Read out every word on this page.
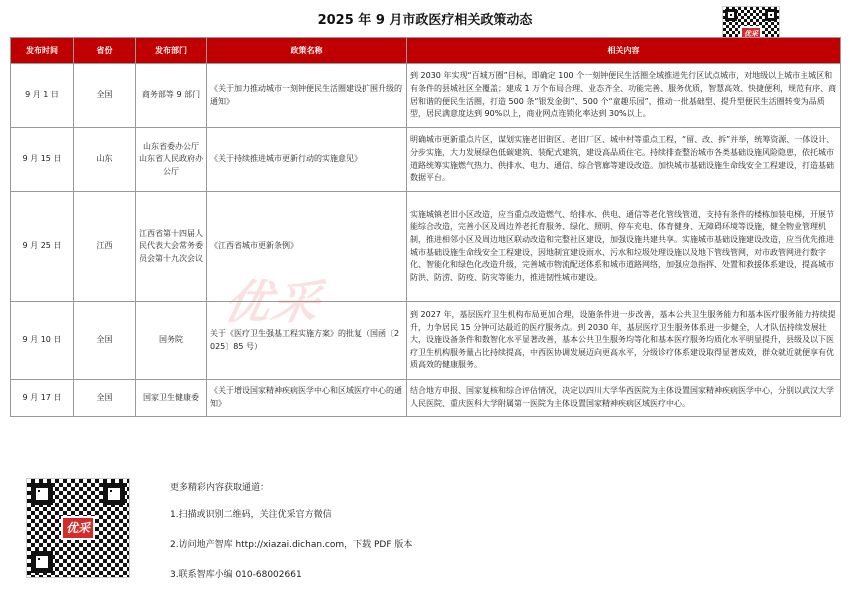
2025 年 9 月市政医疗相关政策动态
优采
发布时间	省份	发布部门	政策名称	相关内容
9 月 1 日	全国	商务部等 9 部门	《关于加力推动城市一刻钟便民生活圈建设扩围升级的通知》	到 2030 年实现“百城万圈”目标，即确定 100 个一刻钟便民生活圈全域推进先行区试点城市，对地级以上城市主城区和有条件的县城社区全覆盖；建成 1 万个布局合理、业态齐全、功能完善、服务优质，智慧高效、快捷便利，规范有序、商居和谐的便民生活圈，打造 500 条“银发金街”、500 个“童趣乐园”，推动一批基础型、提升型便民生活圈转变为品质型，居民满意度达到 90%以上，商业网点连锁化率达到 30%以上。
9 月 15 日	山东	山东省委办公厅 山东省人民政府办公厅	《关于持续推进城市更新行动的实施意见》	明确城市更新重点片区，谋划实施老旧街区、老旧厂区、城中村等重点工程，“留、改、拆”并举，统筹资源、一体设计、分步实施，大力发展绿色低碳建筑、装配式建筑，建设高品质住宅。持续排查整治城市各类基础设施风险隐患，依托城市道路统筹实施燃气热力、供排水、电力、通信、综合管廊等建设改造。加快城市基础设施生命线安全工程建设，打造基础数据平台。
9 月 25 日	江西	江西省第十四届人民代表大会常务委员会第十九次会议	《江西省城市更新条例》	实施城镇老旧小区改造，应当重点改造燃气、给排水、供电、通信等老化管线管道，支持有条件的楼栋加装电梯，开展节能综合改造，完善小区及周边养老托育服务、绿化、照明、停车充电、体育健身、无障碍环境等设施，健全物业管理机制，推进相邻小区及周边地区联动改造和完整社区建设，加强设施共建共享。实施城市基础设施建设改造，应当优先推进城市基础设施生命线安全工程建设，因地制宜建设雨水、污水和垃圾处理设施以及地下管线管网，对市政管网进行数字化、智能化和绿色化改造升级，完善城市物流配送体系和城市道路网络，加强应急指挥、处置和救援体系建设，提高城市防洪、防涝、防疫、防灾等能力，推进韧性城市建设。
9 月 10 日	全国	国务院	关于《医疗卫生强基工程实施方案》的批复（国函〔2025〕85 号）	到 2027 年，基层医疗卫生机构布局更加合理，设施条件进一步改善，基本公共卫生服务能力和基本医疗服务能力持续提升，力争居民 15 分钟可达最近的医疗服务点。到 2030 年，基层医疗卫生服务体系进一步健全，人才队伍持续发展壮大，设施设备条件和数智化水平显著改善，基本公共卫生服务均等化和基本医疗服务均质化水平明显提升，县级及以下医疗卫生机构服务量占比持续提高，中西医协调发展迈向更高水平，分级诊疗体系建设取得显著成效，群众就近就便享有优质高效的健康服务。
9 月 17 日	全国	国家卫生健康委	《关于增设国家精神疾病医学中心和区域医疗中心的通知》	结合地方申报、国家复核和综合评估情况，决定以四川大学华西医院为主体设置国家精神疾病医学中心，分别以武汉大学人民医院、重庆医科大学附属第一医院为主体设置国家精神疾病区域医疗中心。
优采
优采

更多精彩内容获取通道：

1.扫描或识别二维码，关注优采官方微信

2.访问地产智库 http://xiazai.dichan.com，下载 PDF 版本

3.联系智库小编 010-68002661
